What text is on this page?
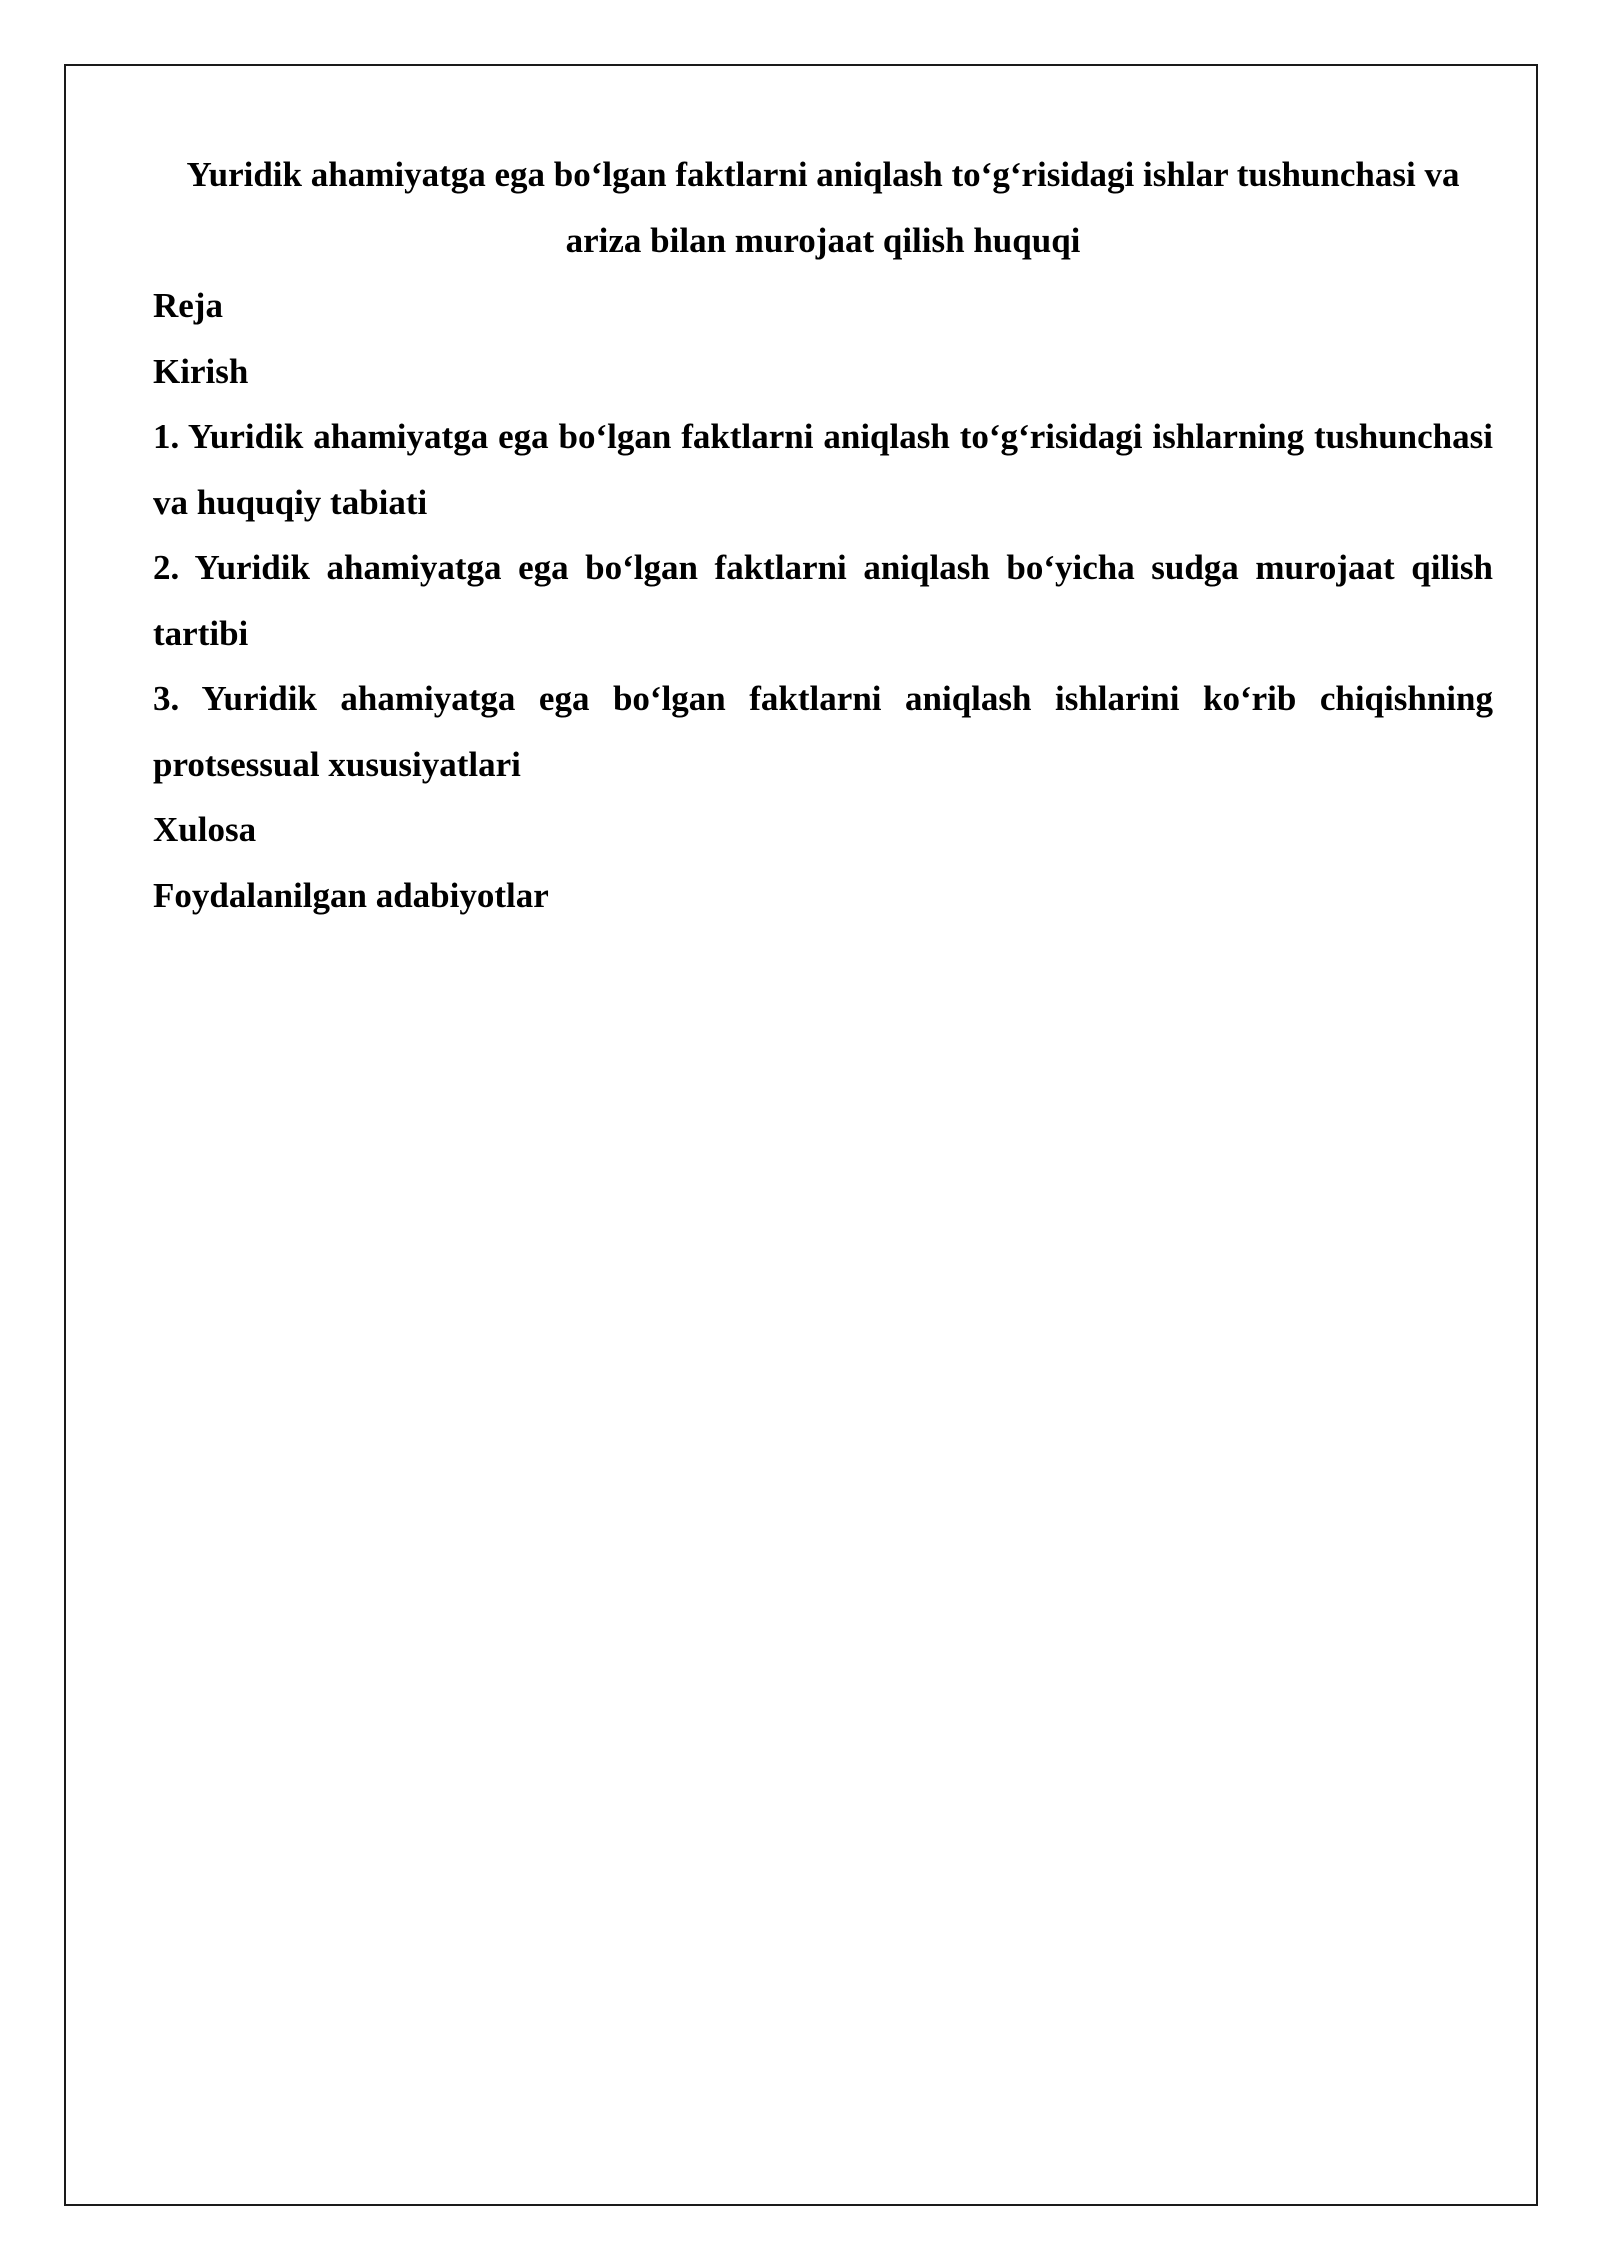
Yuridik ahamiyatga ega bo‘lgan faktlarni aniqlash to‘g‘risidagi ishlar tushunchasi va ariza bilan murojaat qilish huquqi

Reja

Kirish

1. Yuridik ahamiyatga ega bo‘lgan faktlarni aniqlash to‘g‘risidagi ishlarning tushunchasi va huquqiy tabiati

2. Yuridik ahamiyatga ega bo‘lgan faktlarni aniqlash bo‘yicha sudga murojaat qilish tartibi

3. Yuridik ahamiyatga ega bo‘lgan faktlarni aniqlash ishlarini ko‘rib chiqishning protsessual xususiyatlari

Xulosa

Foydalanilgan adabiyotlar
